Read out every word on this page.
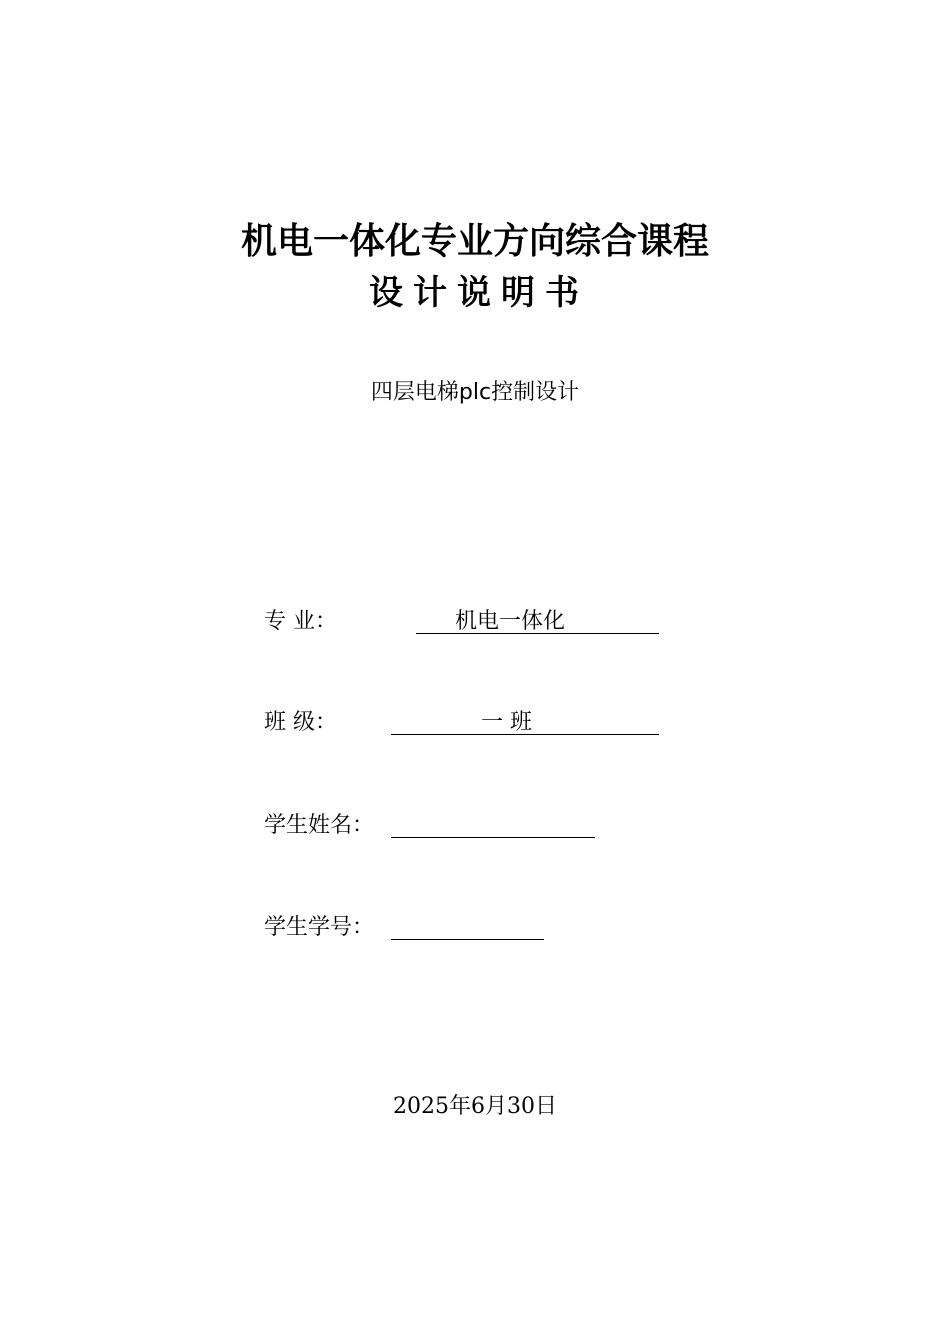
机电一体化专业方向综合课程
设计说明书
四层电梯plc控制设计
专 业：	机电一体化
班 级：	一 班
学生姓名：
学生学号：
2025年6月30日
